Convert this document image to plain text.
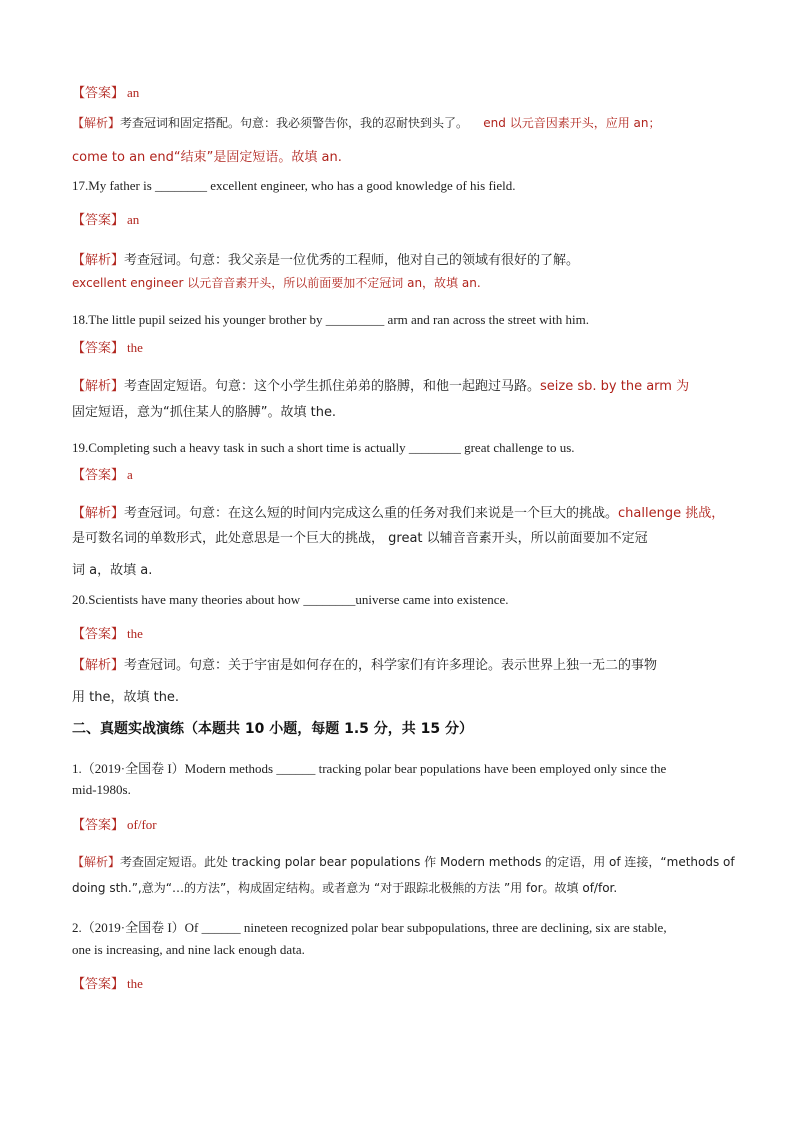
【答案】 an
【解析】考查冠词和固定搭配。句意：我必须警告你，我的忍耐快到头了。 end 以元音因素开头，应用 an；
come to an end“结束”是固定短语。故填 an.
17.My father is ________ excellent engineer, who has a good knowledge of his field.
【答案】 an
【解析】考查冠词。句意：我父亲是一位优秀的工程师，他对自己的领域有很好的了解。
excellent engineer 以元音音素开头，所以前面要加不定冠词 an，故填 an.
18.The little pupil seized his younger brother by _________ arm and ran across the street with him.
【答案】 the
【解析】考查固定短语。句意：这个小学生抓住弟弟的胳膊，和他一起跑过马路。seize sb. by the arm 为
固定短语，意为“抓住某人的胳膊”。故填 the.
19.Completing such a heavy task in such a short time is actually ________ great challenge to us.
【答案】 a
【解析】考查冠词。句意：在这么短的时间内完成这么重的任务对我们来说是一个巨大的挑战。challenge 挑战，
是可数名词的单数形式，此处意思是一个巨大的挑战， great 以辅音音素开头，所以前面要加不定冠
词 a，故填 a.
20.Scientists have many theories about how ________universe came into existence.
【答案】 the
【解析】考查冠词。句意：关于宇宙是如何存在的，科学家们有许多理论。表示世界上独一无二的事物
用 the，故填 the.
二、真题实战演练（本题共 10 小题，每题 1.5 分，共 15 分）
1.（2019·全国卷 I）Modern methods ______ tracking polar bear populations have been employed only since the
mid-1980s.
【答案】 of/for
【解析】考查固定短语。此处 tracking polar bear populations 作 Modern methods 的定语，用 of 连接，“methods of
doing sth.”,意为“…的方法”，构成固定结构。或者意为 “对于跟踪北极熊的方法 ”用 for。故填 of/for.
2.（2019·全国卷 I）Of ______ nineteen recognized polar bear subpopulations, three are declining, six are stable,
one is increasing, and nine lack enough data.
【答案】 the
